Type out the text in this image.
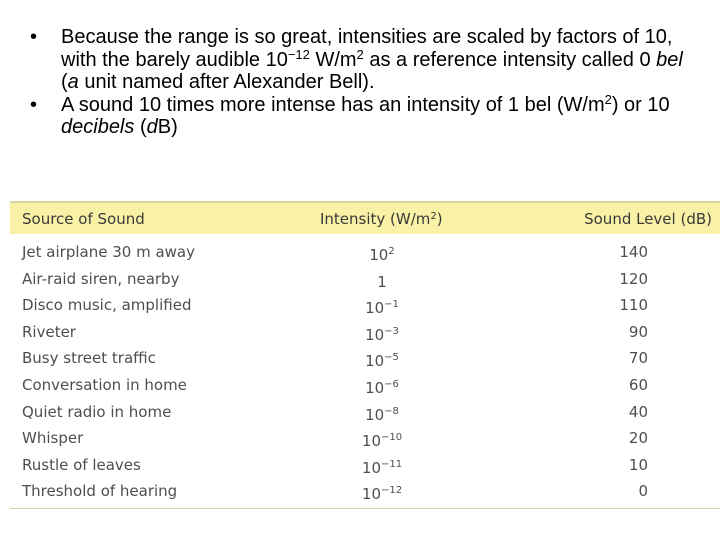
• Because the range is so great, intensities are scaled by factors of 10, with the barely audible $10^{-12}$ $W/m^2$ as a reference intensity called 0 bel (a unit named after Alexander Bell).
• A sound 10 times more intense has an intensity of 1 bel $(W/m^2)$ or 10 decibels (dB)
Source of Sound	Intensity $(W/m^2)$	Sound Level (dB)
Jet airplane 30 m away	$10^2$	140
Air-raid siren, nearby	1	120
Disco music, amplified	$10^{-1}$	110
Riveter	$10^{-3}$	90
Busy street traffic	$10^{-5}$	70
Conversation in home	$10^{-6}$	60
Quiet radio in home	$10^{-8}$	40
Whisper	$10^{-10}$	20
Rustle of leaves	$10^{-11}$	10
Threshold of hearing	$10^{-12}$	0
